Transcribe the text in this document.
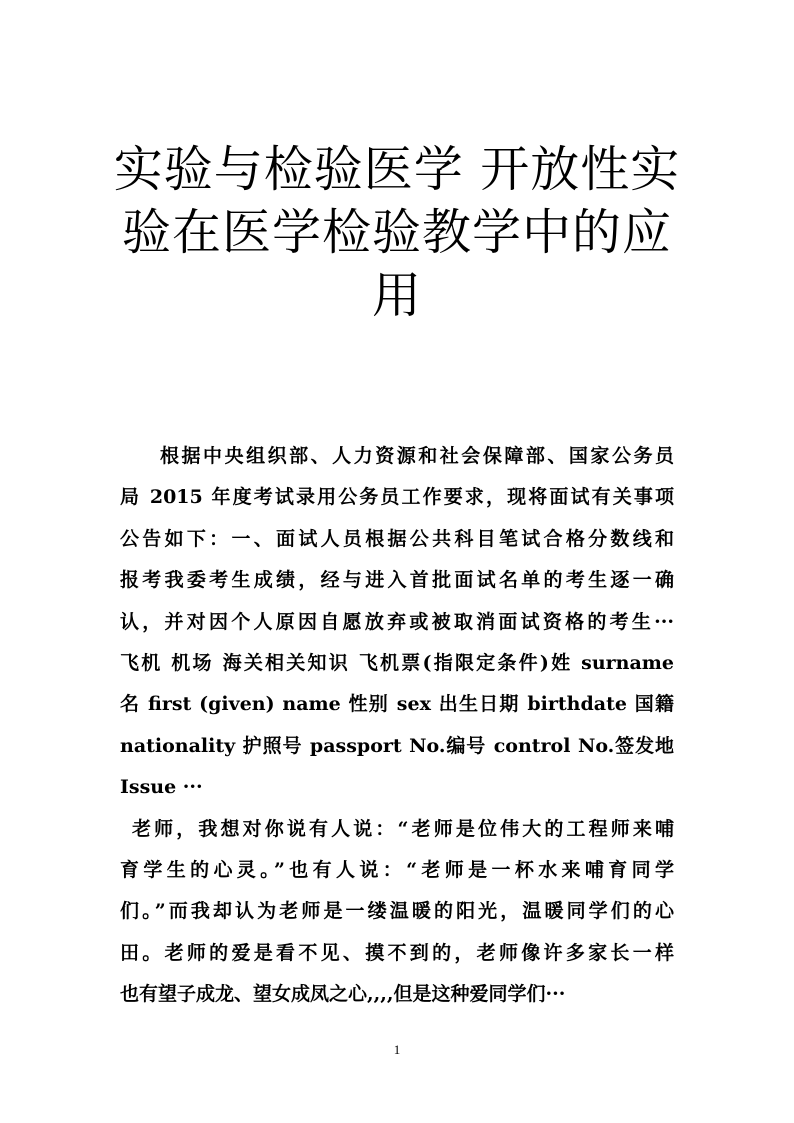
实验与检验医学 开放性实
验在医学检验教学中的应
用
根据中央组织部、人力资源和社会保障部、国家公务员
局 2015 年度考试录用公务员工作要求，现将面试有关事项
公告如下：一、面试人员根据公共科目笔试合格分数线和
报考我委考生成绩，经与进入首批面试名单的考生逐一确
认，并对因个人原因自愿放弃或被取消面试资格的考生···
飞机 机场 海关相关知识 飞机票(指限定条件)姓 surname
名 first (given) name 性别 sex 出生日期 birthdate 国籍
nationality 护照号 passport No.编号 control No.签发地
Issue ···
老师，我想对你说有人说：“老师是位伟大的工程师来哺
育学生的心灵。”也有人说：“老师是一杯水来哺育同学
们。”而我却认为老师是一缕温暖的阳光，温暖同学们的心
田。老师的爱是看不见、摸不到的，老师像许多家长一样
也有望子成龙、望女成凤之心,,,,但是这种爱同学们···
1
